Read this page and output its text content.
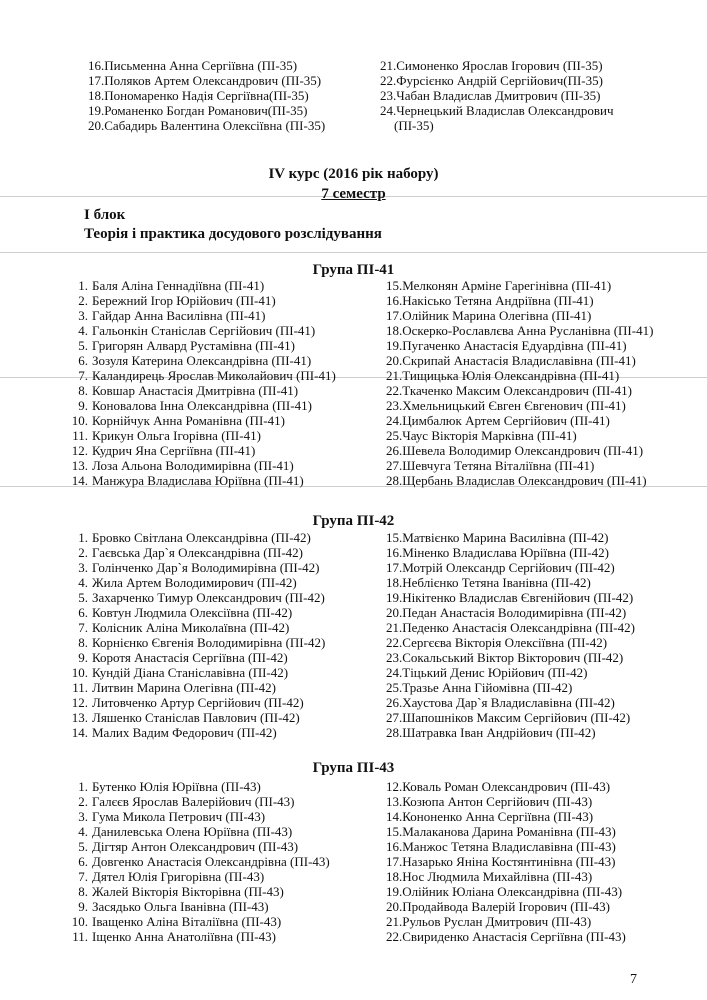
16.Письменна Анна Сергіївна (ПІ-35)
17.Поляков Артем Олександрович (ПІ-35)
18.Пономаренко Надія Сергіївна(ПІ-35)
19.Романенко Богдан Романович(ПІ-35)
20.Сабадирь Валентина Олексіївна (ПІ-35)
21.Симоненко Ярослав Ігорович (ПІ-35)
22.Фурсієнко Андрій Сергійович(ПІ-35)
23.Чабан Владислав Дмитрович (ПІ-35)
24.Чернецький Владислав Олександрович
(ПІ-35)
IV курс (2016 рік набору)
7 семестр
І блок
Теорія і практика досудового розслідування
Група ПІ-41
1. Баля Аліна Геннадіївна (ПІ-41)
2. Бережний Ігор Юрійович (ПІ-41)
3. Гайдар Анна Василівна (ПІ-41)
4. Гальонкін Станіслав Сергійович (ПІ-41)
5. Григорян Алвард Рустамівна (ПІ-41)
6. Зозуля Катерина Олександрівна (ПІ-41)
7. Каландирець Ярослав Миколайович (ПІ-41)
8. Ковшар Анастасія Дмитрівна (ПІ-41)
9. Коновалова Інна Олександрівна (ПІ-41)
10. Корнійчук Анна Романівна (ПІ-41)
11. Крикун Ольга Ігорівна (ПІ-41)
12. Кудрич Яна Сергіївна (ПІ-41)
13. Лоза Альона Володимирівна (ПІ-41)
14. Манжура Владислава Юріївна (ПІ-41)
15.Мелконян Арміне Гарегінівна (ПІ-41)
16.Накісько Тетяна Андріївна (ПІ-41)
17.Олійник Марина Олегівна (ПІ-41)
18.Оскерко-Рославлєва Анна Русланівна (ПІ-41)
19.Пугаченко Анастасія Едуардівна (ПІ-41)
20.Скрипай Анастасія Владиславівна (ПІ-41)
21.Тищицька Юлія Олександрівна (ПІ-41)
22.Ткаченко Максим Олександрович (ПІ-41)
23.Хмельницький Євген Євгенович (ПІ-41)
24.Цимбалюк Артем Сергійович (ПІ-41)
25.Чаус Вікторія Марківна (ПІ-41)
26.Шевела Володимир Олександрович (ПІ-41)
27.Шевчуга Тетяна Віталіївна (ПІ-41)
28.Щербань Владислав Олександрович (ПІ-41)
Група ПІ-42
1. Бровко Світлана Олександрівна (ПІ-42)
2. Гаєвська Дар`я Олександрівна (ПІ-42)
3. Голінченко Дар`я Володимирівна (ПІ-42)
4. Жила Артем Володимирович (ПІ-42)
5. Захарченко Тимур Олександрович (ПІ-42)
6. Ковтун Людмила Олексіївна (ПІ-42)
7. Колісник Аліна Миколаївна (ПІ-42)
8. Корнієнко Євгенія Володимирівна (ПІ-42)
9. Коротя Анастасія Сергіївна (ПІ-42)
10. Кундій Діана Станіславівна (ПІ-42)
11. Литвин Марина Олегівна (ПІ-42)
12. Литовченко Артур Сергійович (ПІ-42)
13. Ляшенко Станіслав Павлович (ПІ-42)
14. Малих Вадим Федорович (ПІ-42)
15.Матвієнко Марина Василівна (ПІ-42)
16.Міненко Владислава Юріївна (ПІ-42)
17.Мотрій Олександр Сергійович (ПІ-42)
18.Неблієнко Тетяна Іванівна (ПІ-42)
19.Нікітенко Владислав Євгенійович (ПІ-42)
20.Педан Анастасія Володимирівна (ПІ-42)
21.Педенко Анастасія Олександрівна (ПІ-42)
22.Сергєєва Вікторія Олексіївна (ПІ-42)
23.Сокальський Віктор Вікторович (ПІ-42)
24.Тіцький Денис Юрійович (ПІ-42)
25.Тразье Анна Гійомівна (ПІ-42)
26.Хаустова Дар`я Владиславівна (ПІ-42)
27.Шапошніков Максим Сергійович (ПІ-42)
28.Шатравка Іван Андрійович (ПІ-42)
Група ПІ-43
1. Бутенко Юлія Юріївна (ПІ-43)
2. Галєєв Ярослав Валерійович (ПІ-43)
3. Гума Микола Петрович (ПІ-43)
4. Данилевська Олена Юріївна (ПІ-43)
5. Дігтяр Антон Олександрович (ПІ-43)
6. Довгенко Анастасія Олександрівна (ПІ-43)
7. Дятел Юлія Григорівна (ПІ-43)
8. Жалей Вікторія Вікторівна (ПІ-43)
9. Засядько Ольга Іванівна (ПІ-43)
10. Іващенко Аліна Віталіївна (ПІ-43)
11. Іщенко Анна Анатоліївна (ПІ-43)
12.Коваль Роман Олександрович (ПІ-43)
13.Козюпа Антон Сергійович (ПІ-43)
14.Кононенко Анна Сергіївна (ПІ-43)
15.Малаканова Дарина Романівна (ПІ-43)
16.Манжос Тетяна Владиславівна (ПІ-43)
17.Назарько Яніна Костянтинівна (ПІ-43)
18.Нос Людмила Михайлівна (ПІ-43)
19.Олійник Юліана Олександрівна (ПІ-43)
20.Продайвода Валерій Ігорович (ПІ-43)
21.Рульов Руслан Дмитрович (ПІ-43)
22.Свириденко Анастасія Сергіївна (ПІ-43)
7
